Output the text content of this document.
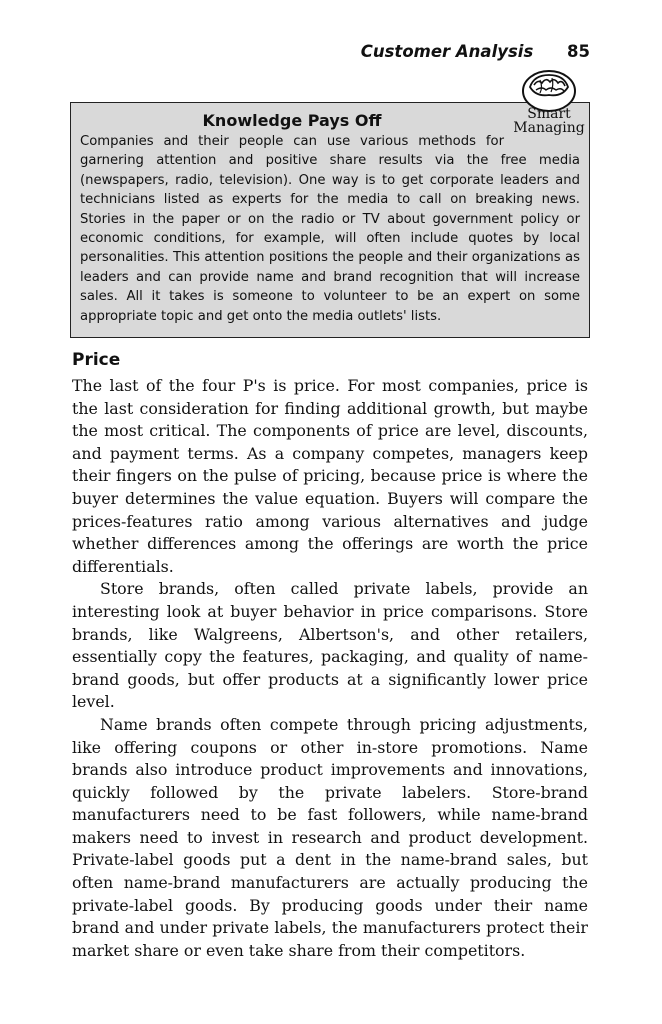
Customer Analysis 85
Smart
Managing

Knowledge Pays Off

Companies and their people can use various methods for garnering attention and positive share results via the free media (newspapers, radio, television). One way is to get corporate leaders and technicians listed as experts for the media to call on breaking news. Stories in the paper or on the radio or TV about government policy or economic conditions, for example, will often include quotes by local personalities. This attention positions the people and their organizations as leaders and can provide name and brand recognition that will increase sales. All it takes is someone to volunteer to be an expert on some appropriate topic and get onto the media outlets' lists.

Price

The last of the four P's is price. For most companies, price is the last consideration for finding additional growth, but maybe the most critical. The components of price are level, discounts, and payment terms. As a company competes, managers keep their fingers on the pulse of pricing, because price is where the buyer determines the value equation. Buyers will compare the prices-features ratio among various alternatives and judge whether differences among the offerings are worth the price differentials.

Store brands, often called private labels, provide an interesting look at buyer behavior in price comparisons. Store brands, like Walgreens, Albertson's, and other retailers, essentially copy the features, packaging, and quality of name-brand goods, but offer products at a significantly lower price level.

Name brands often compete through pricing adjustments, like offering coupons or other in-store promotions. Name brands also introduce product improvements and innovations, quickly followed by the private labelers. Store-brand manufacturers need to be fast followers, while name-brand makers need to invest in research and product development. Private-label goods put a dent in the name-brand sales, but often name-brand manufacturers are actually producing the private-label goods. By producing goods under their name brand and under private labels, the manufacturers protect their market share or even take share from their competitors.
